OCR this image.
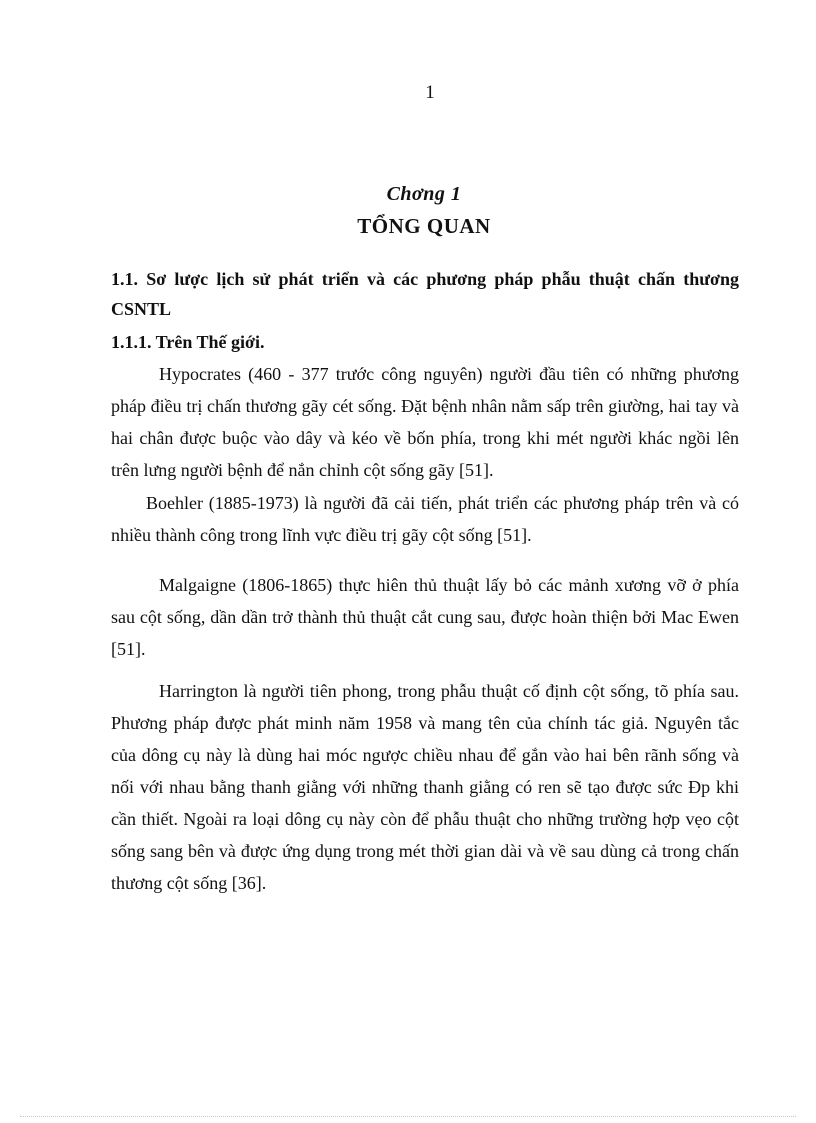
1
Chơng 1
TỔNG QUAN

1.1. Sơ lược lịch sử phát triển và các phương pháp phẫu thuật chấn thương CSNTL

1.1.1. Trên Thế giới.

Hypocrates (460 - 377 trước công nguyên) người đầu tiên có những phương pháp điều trị chấn thương gãy cét sống. Đặt bệnh nhân nằm sấp trên giường, hai tay và hai chân được buộc vào dây và kéo về bốn phía, trong khi mét người khác ngồi lên trên lưng người bệnh để nắn chỉnh cột sống gãy [51].

Boehler (1885-1973) là người đã cải tiến, phát triển các phương pháp trên và có nhiều thành công trong lĩnh vực điều trị gãy cột sống [51].

Malgaigne (1806-1865) thực hiên thủ thuật lấy bỏ các mảnh xương vỡ ở phía sau cột sống, dần dần trở thành thủ thuật cắt cung sau, được hoàn thiện bởi Mac Ewen [51].

Harrington là người tiên phong, trong phẫu thuật cố định cột sống, tõ phía sau. Phương pháp được phát minh năm 1958 và mang tên của chính tác giả. Nguyên tắc của dông cụ này là dùng hai móc ngược chiều nhau để gắn vào hai bên rãnh sống và nối với nhau bằng thanh giằng với những thanh giằng có ren sẽ tạo được sức Đp khi cần thiết. Ngoài ra loại dông cụ này còn để phẫu thuật cho những trường hợp vẹo cột sống sang bên và được ứng dụng trong mét thời gian dài và về sau dùng cả trong chấn thương cột sống [36].
